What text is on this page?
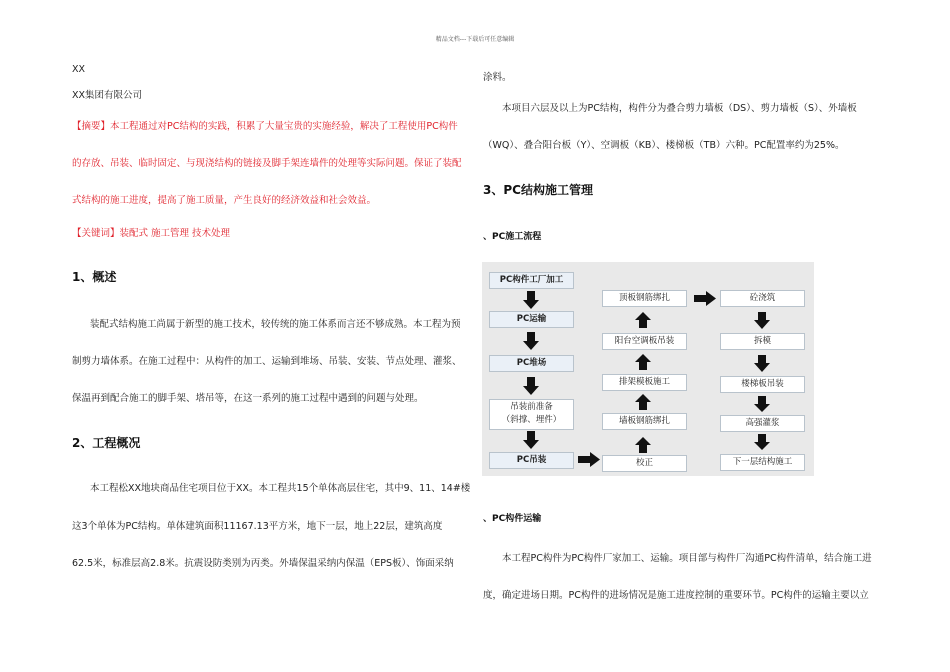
精品文档---下载后可任意编辑
XX
XX集团有限公司
【摘要】本工程通过对PC结构的实践，积累了大量宝贵的实施经验，解决了工程使用PC构件
的存放、吊装、临时固定、与现浇结构的链接及脚手架连墙件的处理等实际问题。保证了装配
式结构的施工进度，提高了施工质量，产生良好的经济效益和社会效益。
【关键词】装配式 施工管理 技术处理
1、概述
装配式结构施工尚属于新型的施工技术，较传统的施工体系而言还不够成熟。本工程为预
制剪力墙体系。在施工过程中：从构件的加工、运输到堆场、吊装、安装、节点处理、灌浆、
保温再到配合施工的脚手架、塔吊等，在这一系列的施工过程中遇到的问题与处理。
2、工程概况
本工程松XX地块商品住宅项目位于XX。本工程共15个单体高层住宅，其中9、11、14#楼
这3个单体为PC结构。单体建筑面积11167.13平方米，地下一层，地上22层，建筑高度
62.5米，标准层高2.8米。抗震设防类别为丙类。外墙保温采纳内保温（EPS板）、饰面采纳
涂料。
本项目六层及以上为PC结构，构件分为叠合剪力墙板（DS）、剪力墙板（S）、外墙板
（WQ）、叠合阳台板（Y）、空调板（KB）、楼梯板（TB）六种。PC配置率约为25%。
3、PC结构施工管理
、PC施工流程
PC构件工厂加工
PC运输
PC堆场
吊装前准备
（斜撑、埋件）
PC吊装
顶板钢筋绑扎
阳台空调板吊装
排架模板施工
墙板钢筋绑扎
校正
砼浇筑
拆模
楼梯板吊装
高强灌浆
下一层结构施工
、PC构件运输
本工程PC构件为PC构件厂家加工、运输。项目部与构件厂沟通PC构件清单，结合施工进
度，确定进场日期。PC构件的进场情况是施工进度控制的重要环节。PC构件的运输主要以立
